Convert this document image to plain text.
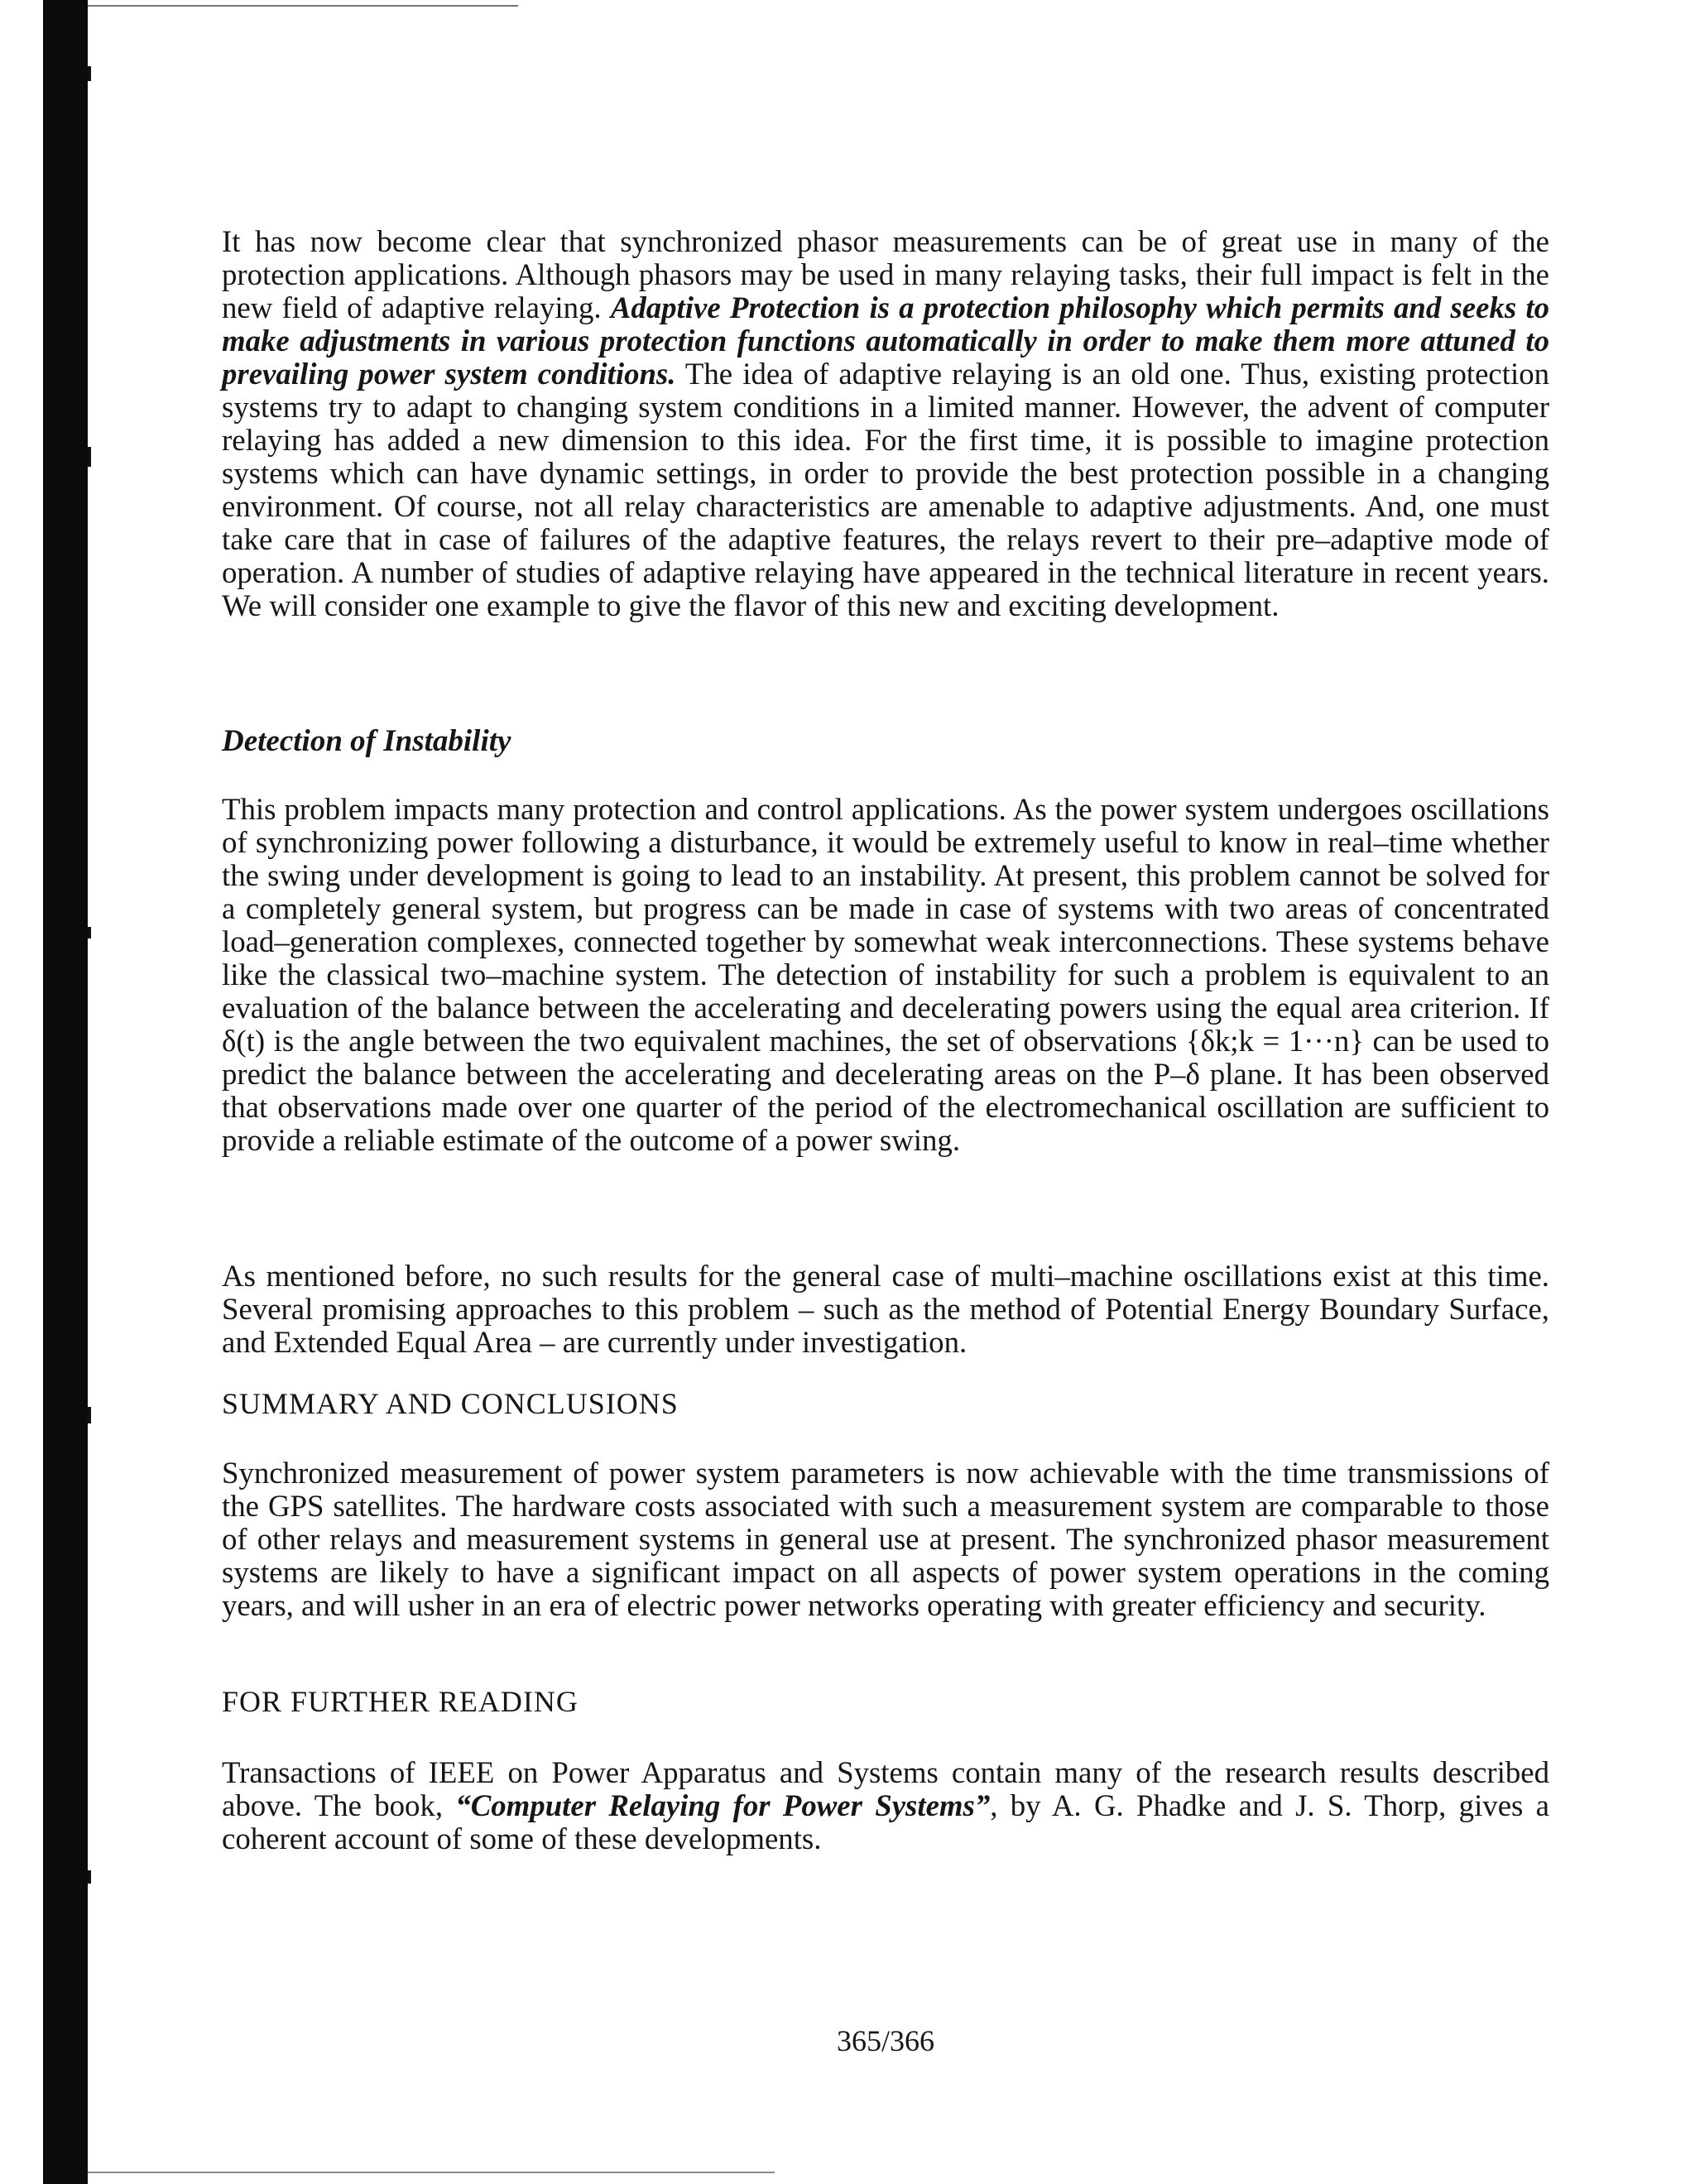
It has now become clear that synchronized phasor measurements can be of great use in many of the protection applications. Although phasors may be used in many relaying tasks, their full impact is felt in the new field of adaptive relaying. Adaptive Protection is a protection philosophy which permits and seeks to make adjustments in various protection functions automatically in order to make them more attuned to prevailing power system conditions. The idea of adaptive relaying is an old one. Thus, existing protection systems try to adapt to changing system conditions in a limited manner. However, the advent of computer relaying has added a new dimension to this idea. For the first time, it is possible to imagine protection systems which can have dynamic settings, in order to provide the best protection possible in a changing environment. Of course, not all relay characteristics are amenable to adaptive adjustments. And, one must take care that in case of failures of the adaptive features, the relays revert to their pre–adaptive mode of operation. A number of studies of adaptive relaying have appeared in the technical literature in recent years. We will consider one example to give the flavor of this new and exciting development.

Detection of Instability

This problem impacts many protection and control applications. As the power system undergoes oscillations of synchronizing power following a disturbance, it would be extremely useful to know in real–time whether the swing under development is going to lead to an instability. At present, this problem cannot be solved for a completely general system, but progress can be made in case of systems with two areas of concentrated load–generation complexes, connected together by somewhat weak interconnections. These systems behave like the classical two–machine system. The detection of instability for such a problem is equivalent to an evaluation of the balance between the accelerating and decelerating powers using the equal area criterion. If δ(t) is the angle between the two equivalent machines, the set of observations {δk;k = 1···n} can be used to predict the balance between the accelerating and decelerating areas on the P–δ plane. It has been observed that observations made over one quarter of the period of the electromechanical oscillation are sufficient to provide a reliable estimate of the outcome of a power swing.

As mentioned before, no such results for the general case of multi–machine oscillations exist at this time. Several promising approaches to this problem – such as the method of Potential Energy Boundary Surface, and Extended Equal Area – are currently under investigation.

SUMMARY AND CONCLUSIONS

Synchronized measurement of power system parameters is now achievable with the time transmissions of the GPS satellites. The hardware costs associated with such a measurement system are comparable to those of other relays and measurement systems in general use at present. The synchronized phasor measurement systems are likely to have a significant impact on all aspects of power system operations in the coming years, and will usher in an era of electric power networks operating with greater efficiency and security.

FOR FURTHER READING

Transactions of IEEE on Power Apparatus and Systems contain many of the research results described above. The book, “Computer Relaying for Power Systems”, by A. G. Phadke and J. S. Thorp, gives a coherent account of some of these developments.

365/366
